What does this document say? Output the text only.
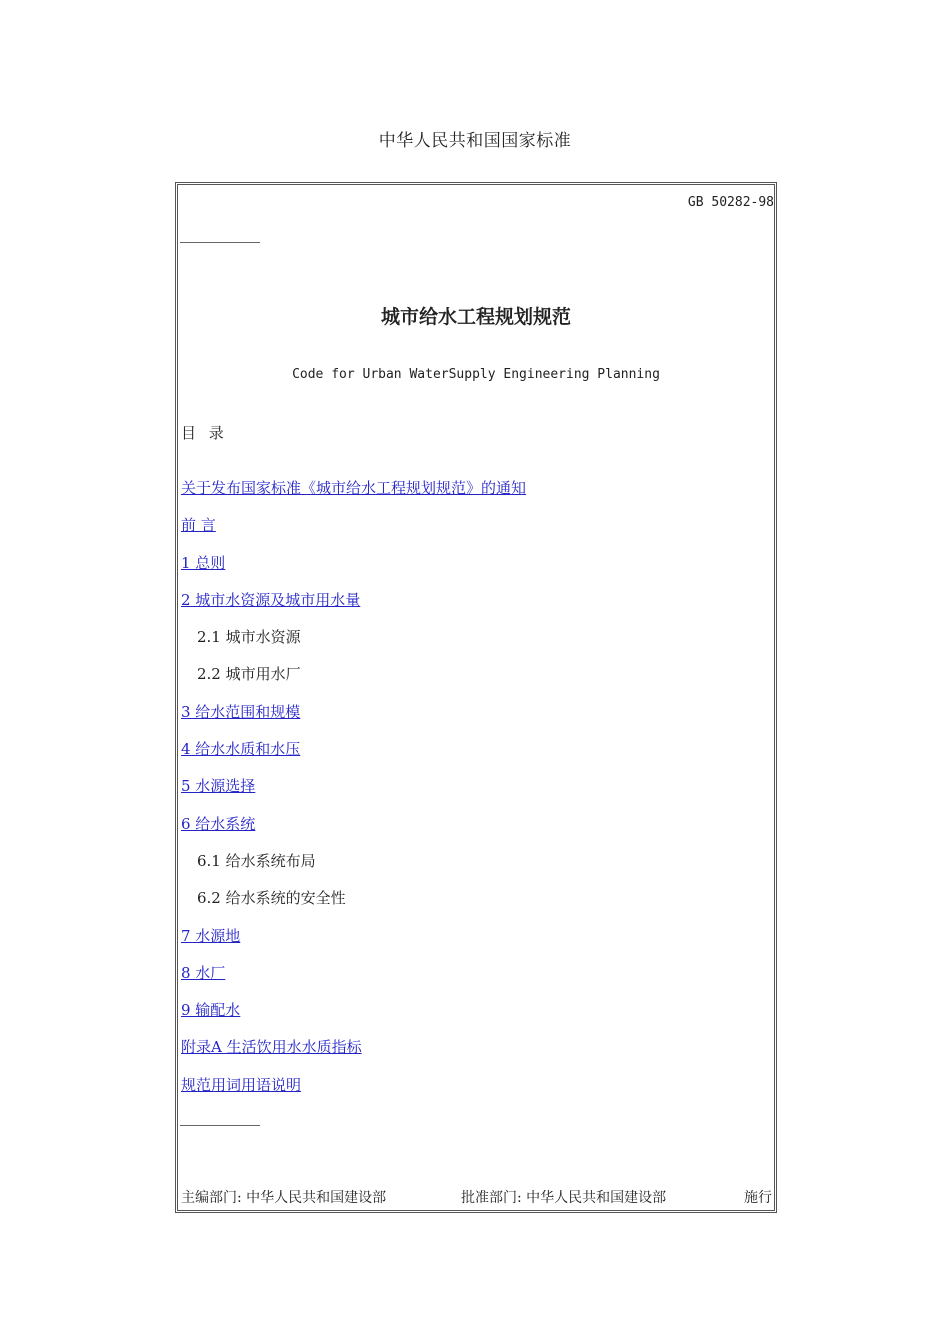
中华人民共和国国家标准
GB 50282-98
城市给水工程规划规范
Code for Urban WaterSupply Engineering Planning
目 录
关于发布国家标准《城市给水工程规划规范》的通知
前 言
1 总则
2 城市水资源及城市用水量
2.1 城市水资源
2.2 城市用水厂
3 给水范围和规模
4 给水水质和水压
5 水源选择
6 给水系统
6.1 给水系统布局
6.2 给水系统的安全性
7 水源地
8 水厂
9 输配水
附录A 生活饮用水水质指标
规范用词用语说明
主编部门: 中华人民共和国建设部	批准部门: 中华人民共和国建设部	施行
